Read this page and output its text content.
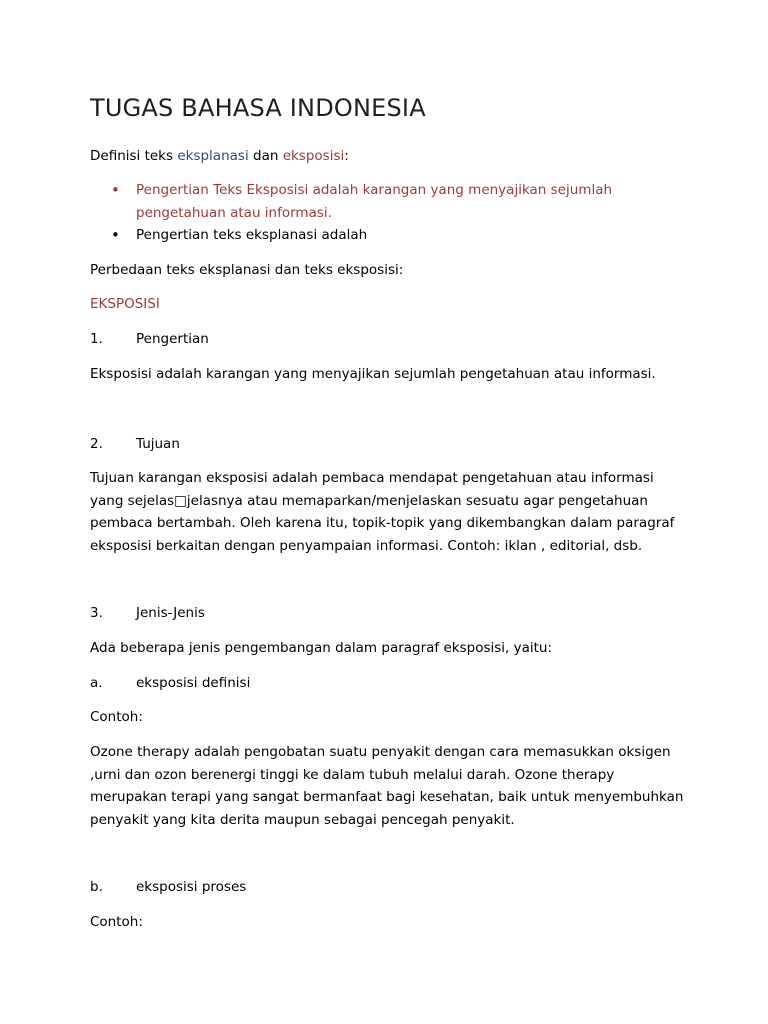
TUGAS BAHASA INDONESIA
Definisi teks eksplanasi dan eksposisi:
• Pengertian Teks Eksposisi adalah karangan yang menyajikan sejumlah pengetahuan atau informasi.
• Pengertian teks eksplanasi adalah
Perbedaan teks eksplanasi dan teks eksposisi:
EKSPOSISI
1. Pengertian
Eksposisi adalah karangan yang menyajikan sejumlah pengetahuan atau informasi.
2. Tujuan
Tujuan karangan eksposisi adalah pembaca mendapat pengetahuan atau informasi yang sejelas□jelasnya atau memaparkan/menjelaskan sesuatu agar pengetahuan pembaca bertambah. Oleh karena itu, topik-topik yang dikembangkan dalam paragraf eksposisi berkaitan dengan penyampaian informasi. Contoh: iklan , editorial, dsb.
3. Jenis-Jenis
Ada beberapa jenis pengembangan dalam paragraf eksposisi, yaitu:
a. eksposisi definisi
Contoh:
Ozone therapy adalah pengobatan suatu penyakit dengan cara memasukkan oksigen ,urni dan ozon berenergi tinggi ke dalam tubuh melalui darah. Ozone therapy merupakan terapi yang sangat bermanfaat bagi kesehatan, baik untuk menyembuhkan penyakit yang kita derita maupun sebagai pencegah penyakit.
b. eksposisi proses
Contoh:
